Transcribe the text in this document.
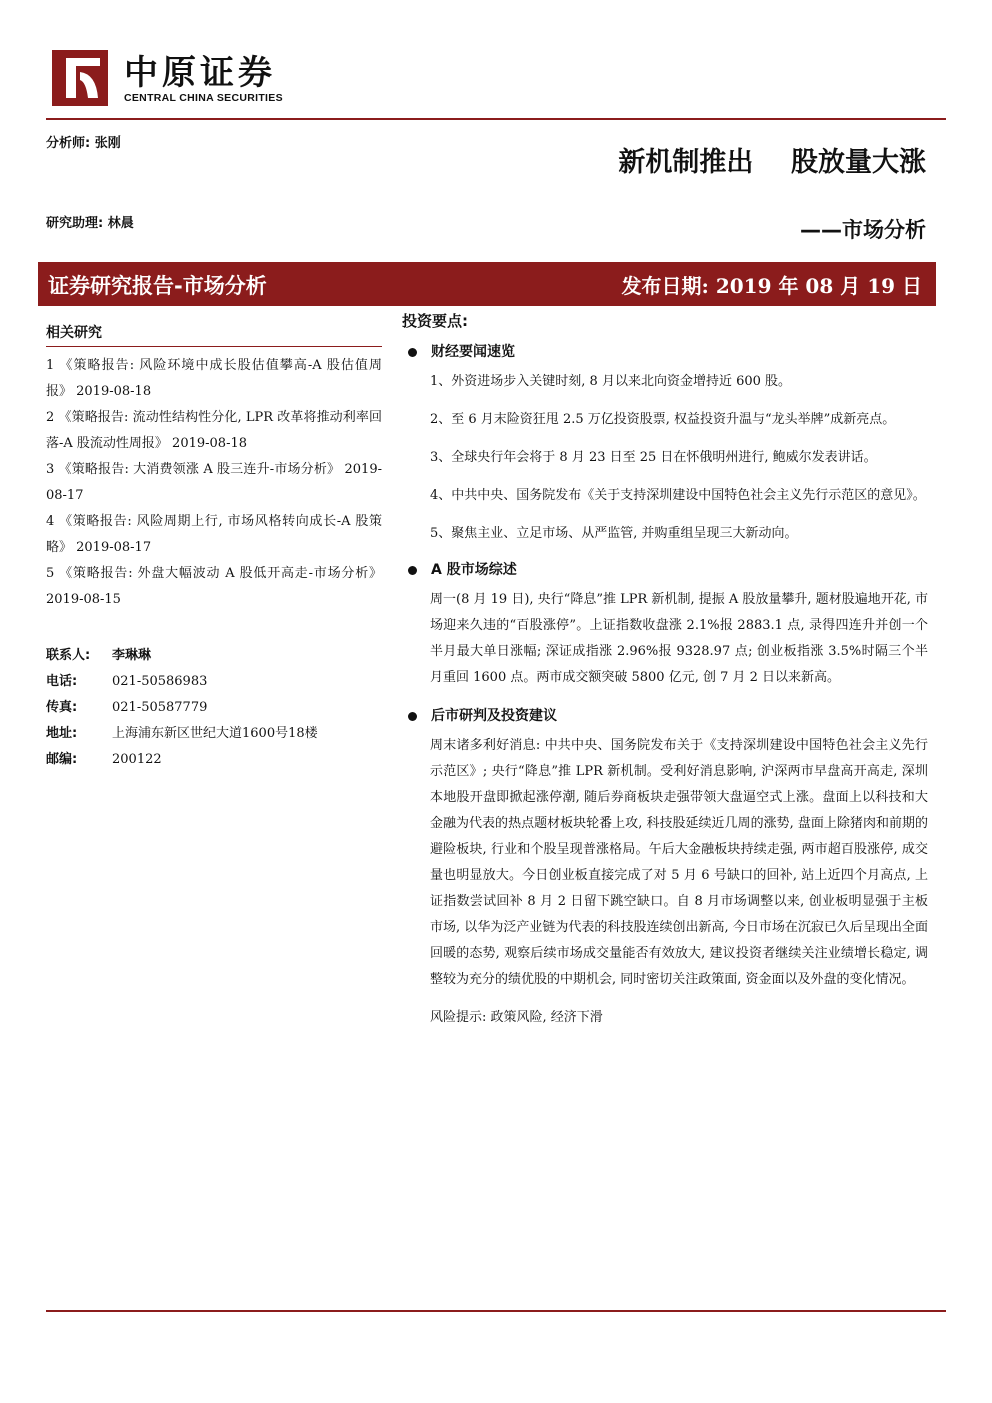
中原证券
CENTRAL CHINA SECURITIES
分析师: 张刚
研究助理: 林晨
新机制推出    股放量大涨
——市场分析
证券研究报告-市场分析	发布日期: 2019 年 08 月 19 日
相关研究

1 《策略报告: 风险环境中成长股估值攀高-A 股估值周报》 2019-08-18

2 《策略报告: 流动性结构性分化, LPR 改革将推动利率回落-A 股流动性周报》 2019-08-18

3 《策略报告: 大消费领涨 A 股三连升-市场分析》 2019-08-17

4 《策略报告: 风险周期上行, 市场风格转向成长-A 股策略》 2019-08-17

5 《策略报告: 外盘大幅波动 A 股低开高走-市场分析》 2019-08-15

联系人: 李琳琳
电话:	021-50586983
传真:	021-50587779
地址:	上海浦东新区世纪大道1600号18楼
邮编:	200122
投资要点:
财经要闻速览

1、外资进场步入关键时刻, 8 月以来北向资金增持近 600 股。

2、至 6 月末险资狂甩 2.5 万亿投资股票, 权益投资升温与“龙头举牌”成新亮点。

3、全球央行年会将于 8 月 23 日至 25 日在怀俄明州进行, 鲍威尔发表讲话。

4、中共中央、国务院发布《关于支持深圳建设中国特色社会主义先行示范区的意见》。

5、聚焦主业、立足市场、从严监管, 并购重组呈现三大新动向。

A 股市场综述
周一(8 月 19 日), 央行“降息”推 LPR 新机制, 提振 A 股放量攀升, 题材股遍地开花, 市场迎来久违的“百股涨停”。上证指数收盘涨 2.1%报 2883.1 点, 录得四连升并创一个半月最大单日涨幅; 深证成指涨 2.96%报 9328.97 点; 创业板指涨 3.5%时隔三个半月重回 1600 点。两市成交额突破 5800 亿元, 创 7 月 2 日以来新高。
后市研判及投资建议
周末诸多利好消息: 中共中央、国务院发布关于《支持深圳建设中国特色社会主义先行示范区》; 央行“降息”推 LPR 新机制。受利好消息影响, 沪深两市早盘高开高走, 深圳本地股开盘即掀起涨停潮, 随后券商板块走强带领大盘逼空式上涨。盘面上以科技和大金融为代表的热点题材板块轮番上攻, 科技股延续近几周的涨势, 盘面上除猪肉和前期的避险板块, 行业和个股呈现普涨格局。午后大金融板块持续走强, 两市超百股涨停, 成交量也明显放大。今日创业板直接完成了对 5 月 6 号缺口的回补, 站上近四个月高点, 上证指数尝试回补 8 月 2 日留下跳空缺口。自 8 月市场调整以来, 创业板明显强于主板市场, 以华为泛产业链为代表的科技股连续创出新高, 今日市场在沉寂已久后呈现出全面回暖的态势, 观察后续市场成交量能否有效放大, 建议投资者继续关注业绩增长稳定, 调整较为充分的绩优股的中期机会, 同时密切关注政策面, 资金面以及外盘的变化情况。
风险提示: 政策风险, 经济下滑
